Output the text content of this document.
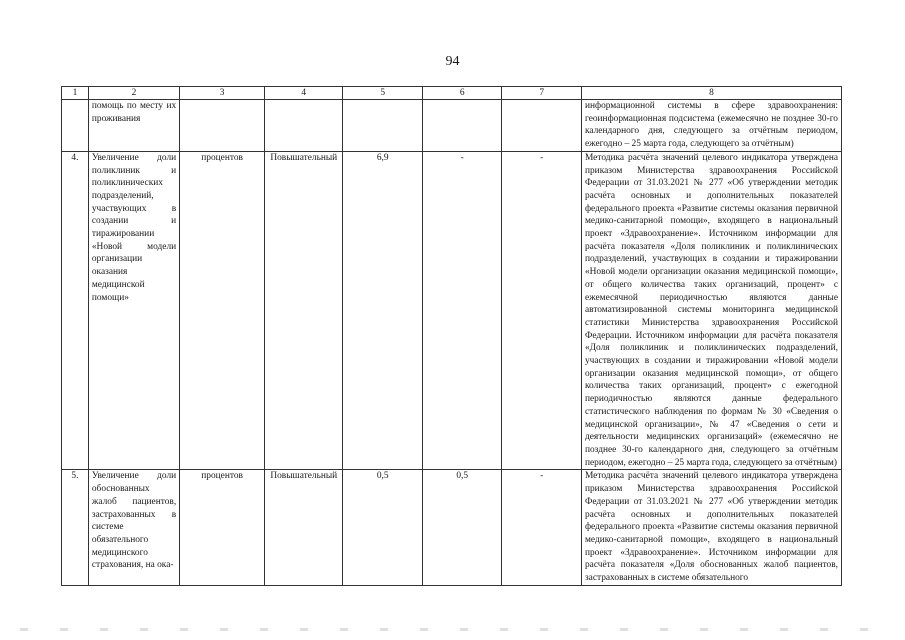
94
1	2	3	4	5	6	7	8
	помощь по месту их проживания						информационной системы в сфере здравоохранения: геоинформационная подсистема (ежемесячно не позднее 30-го календарного дня, следующего за отчётным периодом, ежегодно – 25 марта года, следующего за отчётным)
4.	Увеличение доли поликлиник и поликлинических подразделений, участвующих в создании и тиражировании «Новой модели организации оказания медицинской помощи»	процентов	Повышательный	6,9	-	-	Методика расчёта значений целевого индикатора утверждена приказом Министерства здравоохранения Российской Федерации от 31.03.2021 № 277 «Об утверждении методик расчёта основных и дополнительных показателей федерального проекта «Развитие системы оказания первичной медико-санитарной помощи», входящего в национальный проект «Здравоохранение». Источником информации для расчёта показателя «Доля поликлиник и поликлинических подразделений, участвующих в создании и тиражировании «Новой модели организации оказания медицинской помощи», от общего количества таких организаций, процент» с ежемесячной периодичностью являются данные автоматизированной системы мониторинга медицинской статистики Министерства здравоохранения Российской Федерации. Источником информации для расчёта показателя «Доля поликлиник и поликлинических подразделений, участвующих в создании и тиражировании «Новой модели организации оказания медицинской помощи», от общего количества таких организаций, процент» с ежегодной периодичностью являются данные федерального статистического наблюдения по формам № 30 «Сведения о медицинской организации», № 47 «Сведения о сети и деятельности медицинских организаций» (ежемесячно не позднее 30-го календарного дня, следующего за отчётным периодом, ежегодно – 25 марта года, следующего за отчётным)
5.	Увеличение доли обоснованных жалоб пациентов, застрахованных в системе обязательного медицинского страхования, на ока-	процентов	Повышательный	0,5	0,5	-	Методика расчёта значений целевого индикатора утверждена приказом Министерства здравоохранения Российской Федерации от 31.03.2021 № 277 «Об утверждении методик расчёта основных и дополнительных показателей федерального проекта «Развитие системы оказания первичной медико-санитарной помощи», входящего в национальный проект «Здравоохранение». Источником информации для расчёта показателя «Доля обоснованных жалоб пациентов, застрахованных в системе обязательного
